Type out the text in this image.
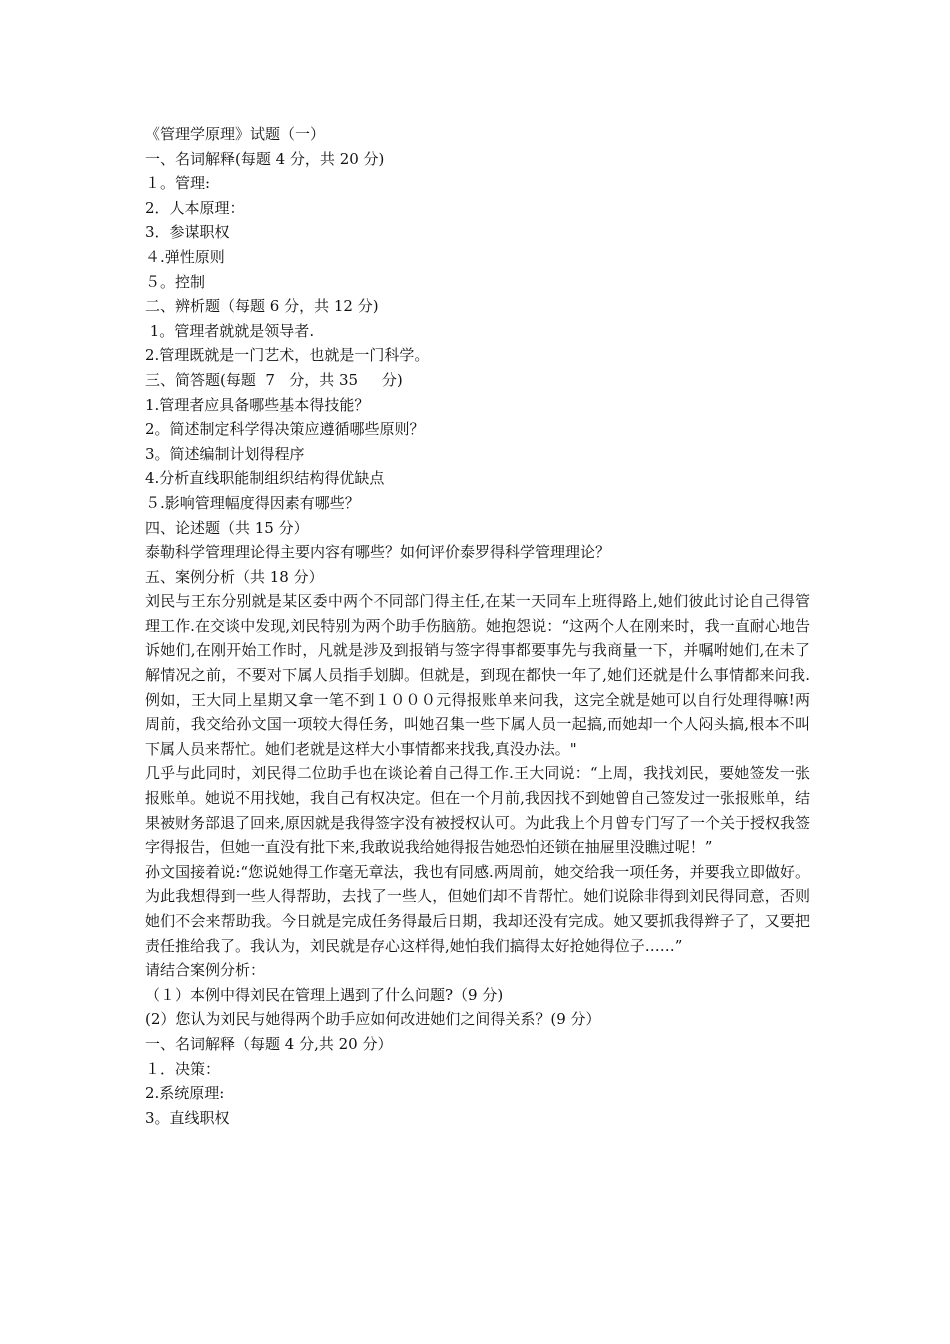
《管理学原理》试题（一）

一、名词解释(每题 4 分，共 20 分)

１。管理:

2．人本原理：

3．参谋职权

４.弹性原则

５。控制

二、辨析题（每题 6 分，共 12 分)

1。管理者就就是领导者.

2.管理既就是一门艺术，也就是一门科学。

三、简答题(每题  7   分，共 35     分)

1.管理者应具备哪些基本得技能？

2。简述制定科学得决策应遵循哪些原则？

3。简述编制计划得程序

4.分析直线职能制组织结构得优缺点

５.影响管理幅度得因素有哪些？

四、论述题（共 15 分）

泰勒科学管理理论得主要内容有哪些？如何评价泰罗得科学管理理论？

五、案例分析（共 18 分）

刘民与王东分别就是某区委中两个不同部门得主任,在某一天同车上班得路上,她们彼此讨论自己得管理工作.在交谈中发现,刘民特别为两个助手伤脑筋。她抱怨说：“这两个人在刚来时，我一直耐心地告诉她们,在刚开始工作时，凡就是涉及到报销与签字得事都要事先与我商量一下，并嘱咐她们,在未了解情况之前，不要对下属人员指手划脚。但就是，到现在都快一年了,她们还就是什么事情都来问我.例如，王大同上星期又拿一笔不到１０００元得报账单来问我，这完全就是她可以自行处理得嘛!两周前，我交给孙文国一项较大得任务，叫她召集一些下属人员一起搞,而她却一个人闷头搞,根本不叫下属人员来帮忙。她们老就是这样大小事情都来找我,真没办法。"

几乎与此同时，刘民得二位助手也在谈论着自己得工作.王大同说：“上周，我找刘民，要她签发一张报账单。她说不用找她，我自己有权决定。但在一个月前,我因找不到她曾自己签发过一张报账单，结果被财务部退了回来,原因就是我得签字没有被授权认可。为此我上个月曾专门写了一个关于授权我签字得报告，但她一直没有批下来,我敢说我给她得报告她恐怕还锁在抽屉里没瞧过呢！”

孙文国接着说:“您说她得工作毫无章法，我也有同感.两周前，她交给我一项任务，并要我立即做好。为此我想得到一些人得帮助，去找了一些人，但她们却不肯帮忙。她们说除非得到刘民得同意，否则她们不会来帮助我。今日就是完成任务得最后日期，我却还没有完成。她又要抓我得辫子了，又要把责任推给我了。我认为，刘民就是存心这样得,她怕我们搞得太好抢她得位子……”

请结合案例分析：

（１）本例中得刘民在管理上遇到了什么问题?（9 分)

(2）您认为刘民与她得两个助手应如何改进她们之间得关系？(9 分）

一、名词解释（每题 4 分,共 20 分）

１．决策：

2.系统原理:

3。直线职权
